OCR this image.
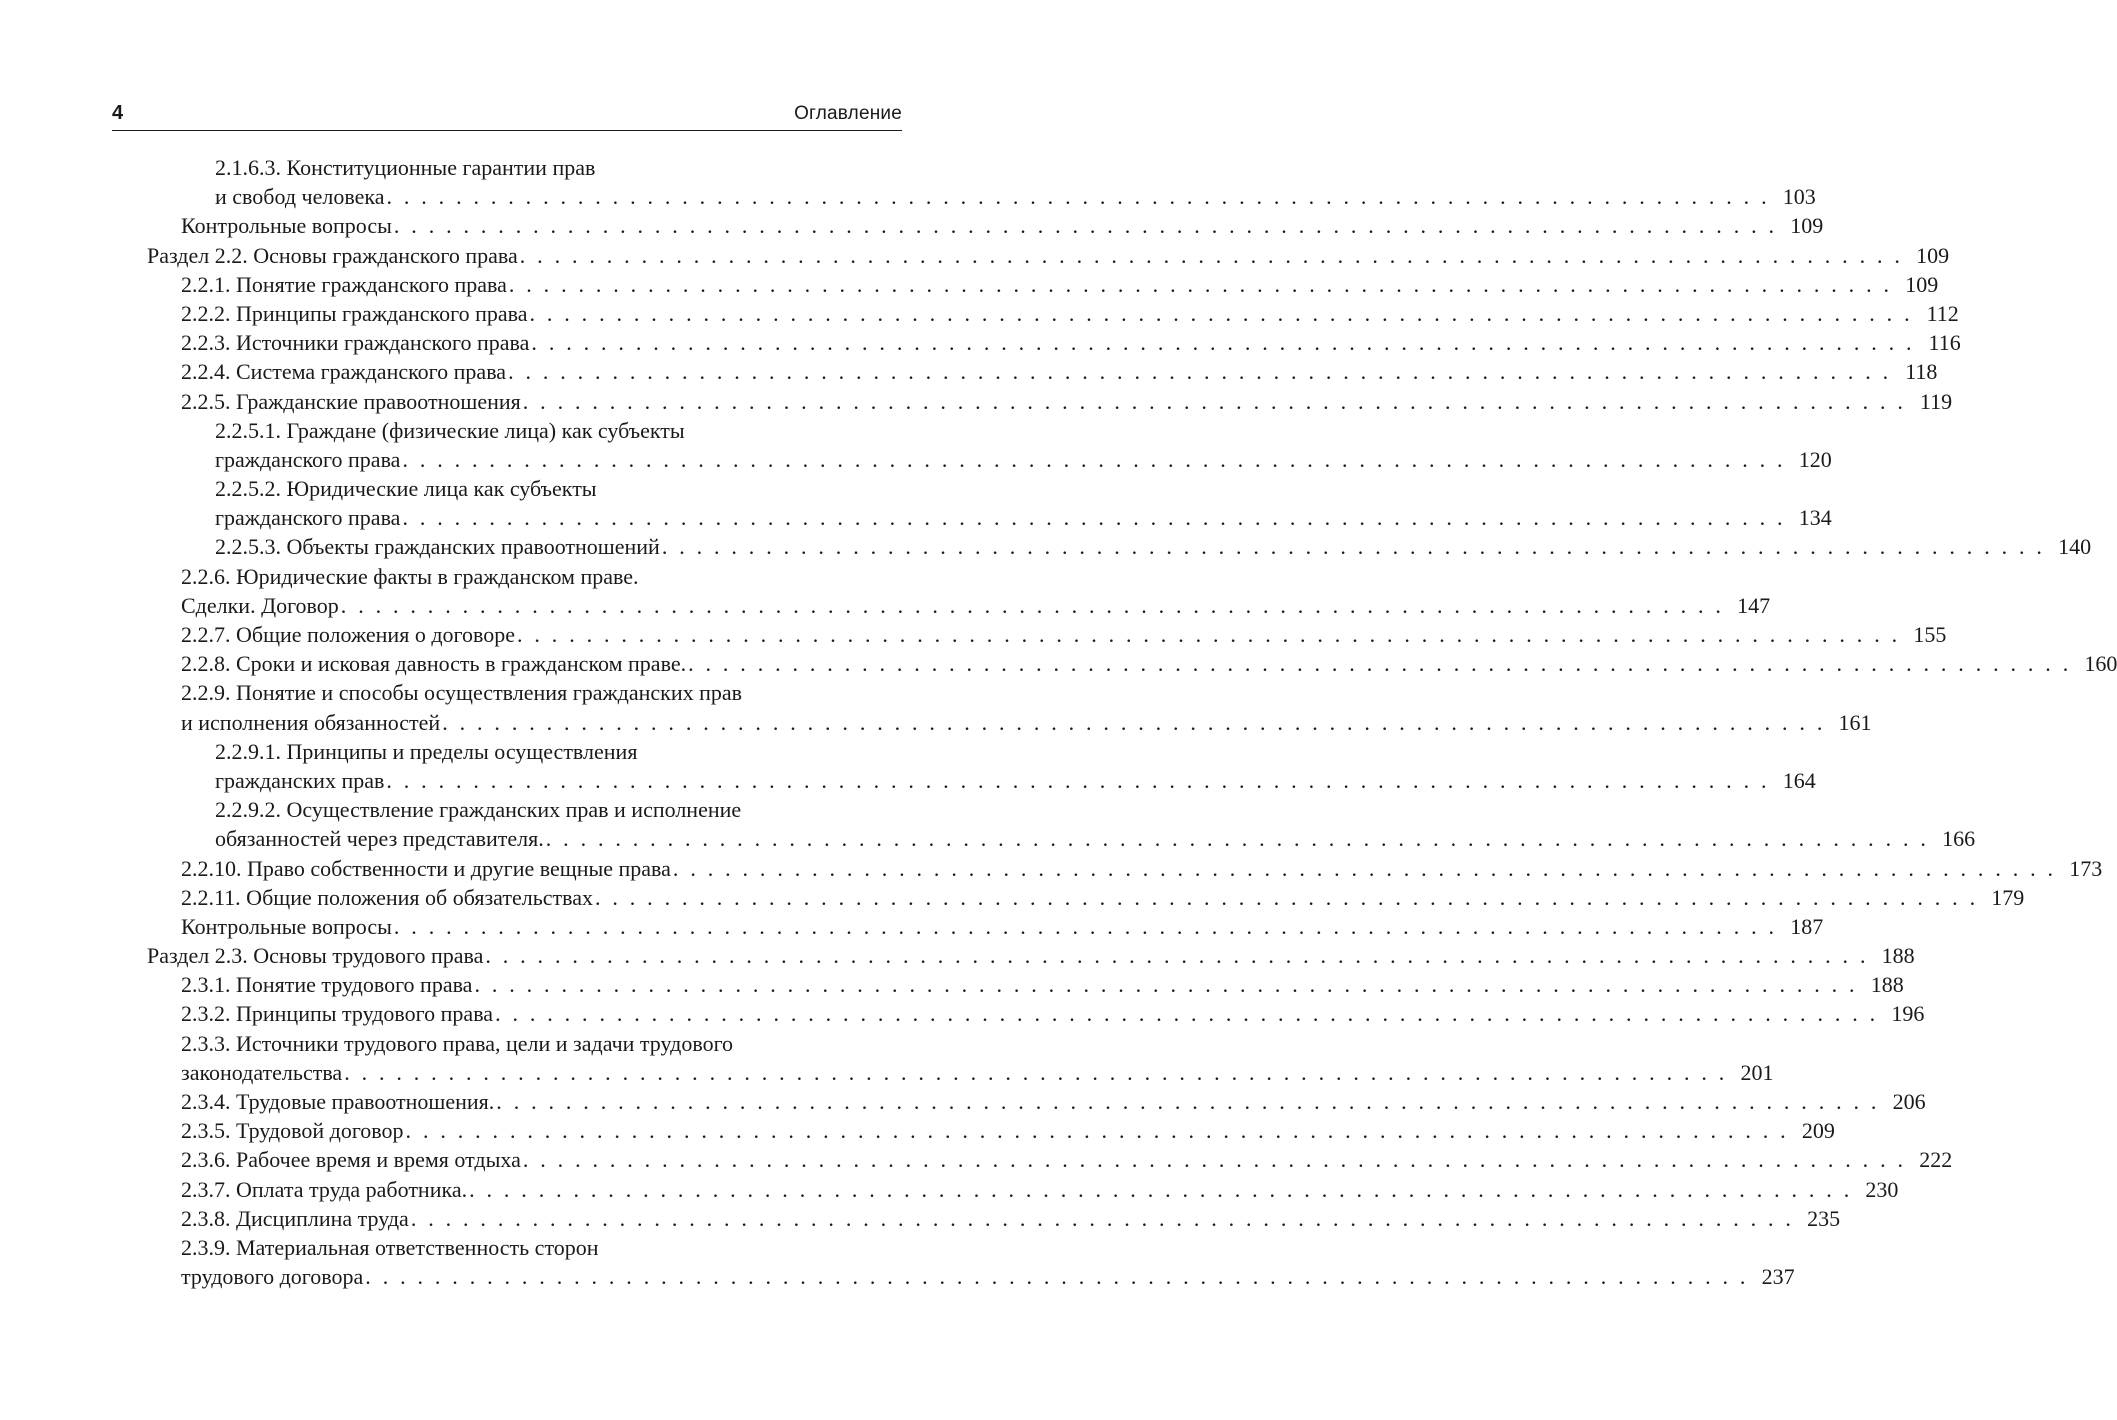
4	Оглавление
2.1.6.3. Конституционные гарантии прав
и свобод человека . . . . . . . . . . . . . . . . . . . . . . . . . . . . . . . . . . . . . . . . . . . . . . . . . . . . . . . . . . . . . . . . . . . . . . . . . . . . . . . . 103
Контрольные вопросы . . . . . . . . . . . . . . . . . . . . . . . . . . . . . . . . . . . . . . . . . . . . . . . . . . . . . . . . . . . . . . . . . . . . . . . . . . . . . . . . 109
Раздел 2.2. Основы гражданского права . . . . . . . . . . . . . . . . . . . . . . . . . . . . . . . . . . . . . . . . . . . . . . . . . . . . . . . . . . . . . . . . . . . . . . . . . . . . . . . . 109
2.2.1. Понятие гражданского права . . . . . . . . . . . . . . . . . . . . . . . . . . . . . . . . . . . . . . . . . . . . . . . . . . . . . . . . . . . . . . . . . . . . . . . . . . . . . . . . 109
2.2.2. Принципы гражданского права . . . . . . . . . . . . . . . . . . . . . . . . . . . . . . . . . . . . . . . . . . . . . . . . . . . . . . . . . . . . . . . . . . . . . . . . . . . . . . . . 112
2.2.3. Источники гражданского права . . . . . . . . . . . . . . . . . . . . . . . . . . . . . . . . . . . . . . . . . . . . . . . . . . . . . . . . . . . . . . . . . . . . . . . . . . . . . . . . 116
2.2.4. Система гражданского права . . . . . . . . . . . . . . . . . . . . . . . . . . . . . . . . . . . . . . . . . . . . . . . . . . . . . . . . . . . . . . . . . . . . . . . . . . . . . . . . 118
2.2.5. Гражданские правоотношения . . . . . . . . . . . . . . . . . . . . . . . . . . . . . . . . . . . . . . . . . . . . . . . . . . . . . . . . . . . . . . . . . . . . . . . . . . . . . . . . 119
2.2.5.1. Граждане (физические лица) как субъекты
гражданского права . . . . . . . . . . . . . . . . . . . . . . . . . . . . . . . . . . . . . . . . . . . . . . . . . . . . . . . . . . . . . . . . . . . . . . . . . . . . . . . . 120
2.2.5.2. Юридические лица как субъекты
гражданского права . . . . . . . . . . . . . . . . . . . . . . . . . . . . . . . . . . . . . . . . . . . . . . . . . . . . . . . . . . . . . . . . . . . . . . . . . . . . . . . . 134
2.2.5.3. Объекты гражданских правоотношений . . . . . . . . . . . . . . . . . . . . . . . . . . . . . . . . . . . . . . . . . . . . . . . . . . . . . . . . . . . . . . . . . . . . . . . . . . . . . . . . 140
2.2.6. Юридические факты в гражданском праве.
Сделки. Договор . . . . . . . . . . . . . . . . . . . . . . . . . . . . . . . . . . . . . . . . . . . . . . . . . . . . . . . . . . . . . . . . . . . . . . . . . . . . . . . . 147
2.2.7. Общие положения о договоре . . . . . . . . . . . . . . . . . . . . . . . . . . . . . . . . . . . . . . . . . . . . . . . . . . . . . . . . . . . . . . . . . . . . . . . . . . . . . . . . 155
2.2.8. Сроки и исковая давность в гражданском праве. . . . . . . . . . . . . . . . . . . . . . . . . . . . . . . . . . . . . . . . . . . . . . . . . . . . . . . . . . . . . . . . . . . . . . . . . . . . . . . . . 160
2.2.9. Понятие и способы осуществления гражданских прав
и исполнения обязанностей . . . . . . . . . . . . . . . . . . . . . . . . . . . . . . . . . . . . . . . . . . . . . . . . . . . . . . . . . . . . . . . . . . . . . . . . . . . . . . . . 161
2.2.9.1. Принципы и пределы осуществления
гражданских прав . . . . . . . . . . . . . . . . . . . . . . . . . . . . . . . . . . . . . . . . . . . . . . . . . . . . . . . . . . . . . . . . . . . . . . . . . . . . . . . . 164
2.2.9.2. Осуществление гражданских прав и исполнение
обязанностей через представителя. . . . . . . . . . . . . . . . . . . . . . . . . . . . . . . . . . . . . . . . . . . . . . . . . . . . . . . . . . . . . . . . . . . . . . . . . . . . . . . . . 166
2.2.10. Право собственности и другие вещные права . . . . . . . . . . . . . . . . . . . . . . . . . . . . . . . . . . . . . . . . . . . . . . . . . . . . . . . . . . . . . . . . . . . . . . . . . . . . . . . . 173
2.2.11. Общие положения об обязательствах . . . . . . . . . . . . . . . . . . . . . . . . . . . . . . . . . . . . . . . . . . . . . . . . . . . . . . . . . . . . . . . . . . . . . . . . . . . . . . . . 179
Контрольные вопросы . . . . . . . . . . . . . . . . . . . . . . . . . . . . . . . . . . . . . . . . . . . . . . . . . . . . . . . . . . . . . . . . . . . . . . . . . . . . . . . . 187
Раздел 2.3. Основы трудового права . . . . . . . . . . . . . . . . . . . . . . . . . . . . . . . . . . . . . . . . . . . . . . . . . . . . . . . . . . . . . . . . . . . . . . . . . . . . . . . . 188
2.3.1. Понятие трудового права . . . . . . . . . . . . . . . . . . . . . . . . . . . . . . . . . . . . . . . . . . . . . . . . . . . . . . . . . . . . . . . . . . . . . . . . . . . . . . . . 188
2.3.2. Принципы трудового права . . . . . . . . . . . . . . . . . . . . . . . . . . . . . . . . . . . . . . . . . . . . . . . . . . . . . . . . . . . . . . . . . . . . . . . . . . . . . . . . 196
2.3.3. Источники трудового права, цели и задачи трудового
законодательства . . . . . . . . . . . . . . . . . . . . . . . . . . . . . . . . . . . . . . . . . . . . . . . . . . . . . . . . . . . . . . . . . . . . . . . . . . . . . . . . 201
2.3.4. Трудовые правоотношения. . . . . . . . . . . . . . . . . . . . . . . . . . . . . . . . . . . . . . . . . . . . . . . . . . . . . . . . . . . . . . . . . . . . . . . . . . . . . . . . . 206
2.3.5. Трудовой договор . . . . . . . . . . . . . . . . . . . . . . . . . . . . . . . . . . . . . . . . . . . . . . . . . . . . . . . . . . . . . . . . . . . . . . . . . . . . . . . . 209
2.3.6. Рабочее время и время отдыха . . . . . . . . . . . . . . . . . . . . . . . . . . . . . . . . . . . . . . . . . . . . . . . . . . . . . . . . . . . . . . . . . . . . . . . . . . . . . . . . 222
2.3.7. Оплата труда работника. . . . . . . . . . . . . . . . . . . . . . . . . . . . . . . . . . . . . . . . . . . . . . . . . . . . . . . . . . . . . . . . . . . . . . . . . . . . . . . . . 230
2.3.8. Дисциплина труда . . . . . . . . . . . . . . . . . . . . . . . . . . . . . . . . . . . . . . . . . . . . . . . . . . . . . . . . . . . . . . . . . . . . . . . . . . . . . . . . 235
2.3.9. Материальная ответственность сторон
трудового договора . . . . . . . . . . . . . . . . . . . . . . . . . . . . . . . . . . . . . . . . . . . . . . . . . . . . . . . . . . . . . . . . . . . . . . . . . . . . . . . . 237
